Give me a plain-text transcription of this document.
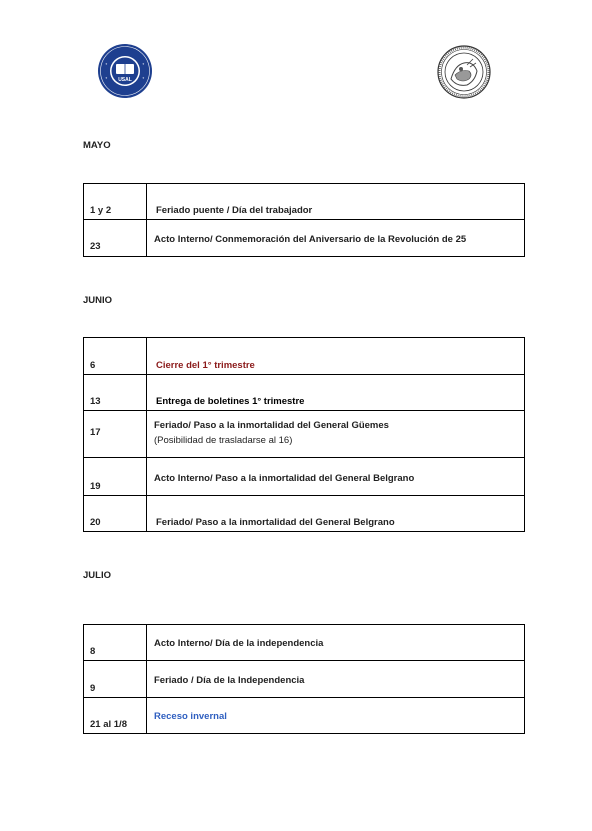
USAL
✦	✦
✦	✦
MAYO
1 y 2	Feriado puente / Día del trabajador
23	Acto Interno/ Conmemoración del Aniversario de la Revolución de 25
JUNIO
6	Cierre del 1° trimestre
13	Entrega de boletines 1° trimestre
17	Feriado/ Paso a la inmortalidad del General Güemes
(Posibilidad de trasladarse al 16)

19	Acto Interno/ Paso a la inmortalidad del General Belgrano
20	Feriado/ Paso a la inmortalidad del General Belgrano
JULIO
8	Acto Interno/ Día de la independencia
9	Feriado / Día de la Independencia
21 al 1/8	Receso invernal
